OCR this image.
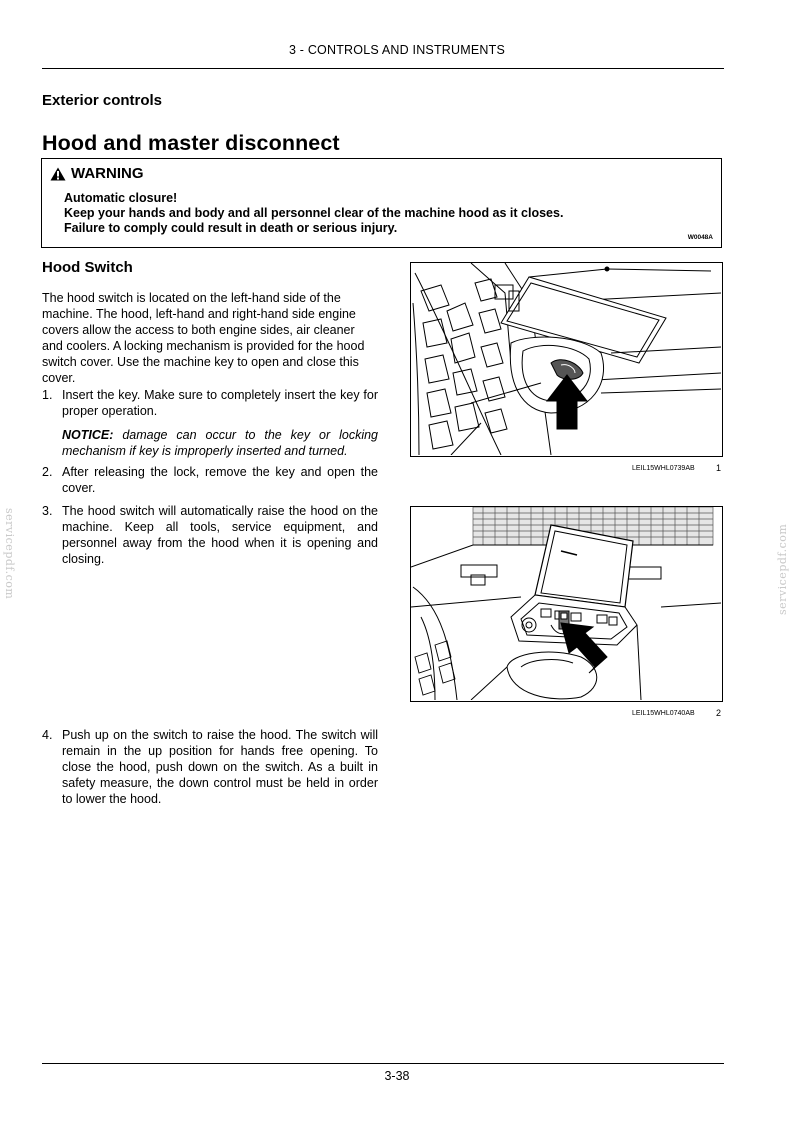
3 - CONTROLS AND INSTRUMENTS
Exterior controls
Hood and master disconnect
WARNING
Automatic closure!
Keep your hands and body and all personnel clear of the machine hood as it closes.
Failure to comply could result in death or serious injury.
W0048A
Hood Switch
The hood switch is located on the left-hand side of the machine. The hood, left-hand and right-hand side engine covers allow the access to both engine sides, air cleaner and coolers. A locking mechanism is provided for the hood switch cover. Use the machine key to open and close this cover.
1. Insert the key. Make sure to completely insert the key for proper operation.
NOTICE: damage can occur to the key or locking mechanism if key is improperly inserted and turned.
2. After releasing the lock, remove the key and open the cover.
3. The hood switch will automatically raise the hood on the machine. Keep all tools, service equipment, and personnel away from the hood when it is opening and closing.
4. Push up on the switch to raise the hood. The switch will remain in the up position for hands free opening. To close the hood, push down on the switch. As a built in safety measure, the down control must be held in order to lower the hood.
LEIL15WHL0739AB 1
LEIL15WHL0740AB 2
servicepdf.com	servicepdf.com
3-38
